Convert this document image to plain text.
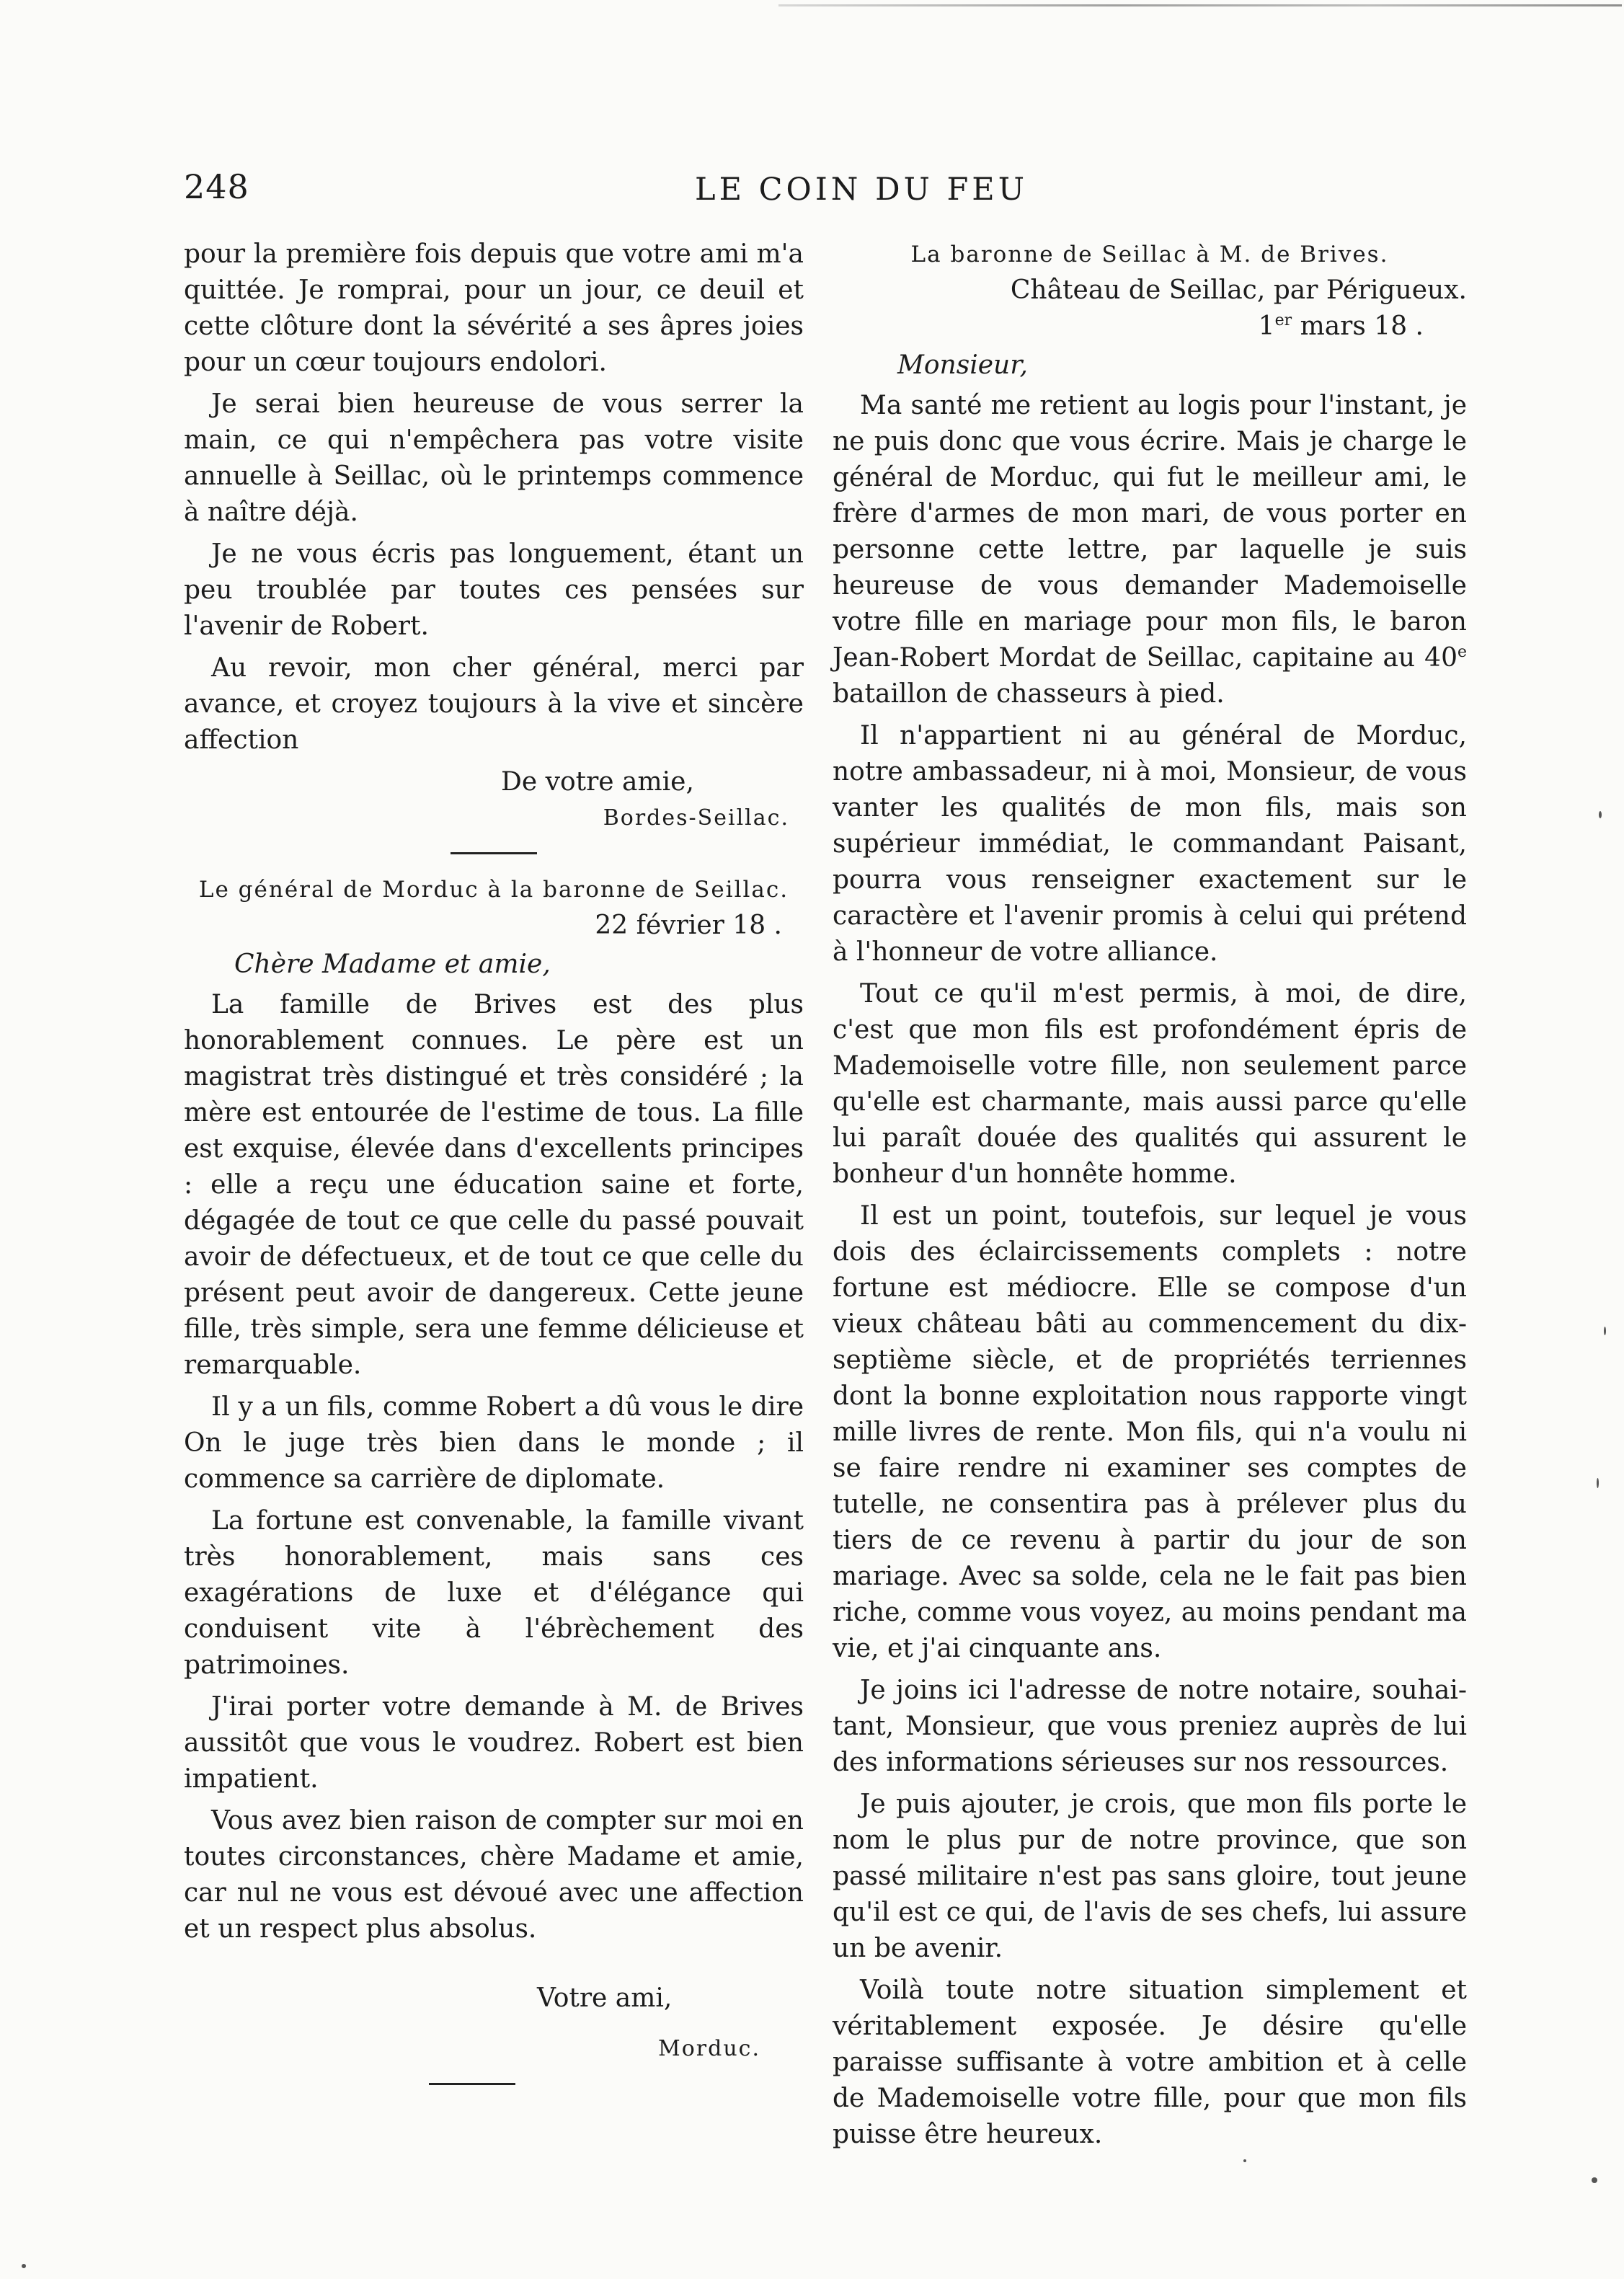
248	LE COIN DU FEU

pour la première fois depuis que votre ami m'a quittée. Je romprai, pour un jour, ce deuil et cette clôture dont la sévérité a ses âpres joies pour un cœur toujours endolori.

Je serai bien heureuse de vous serrer la main, ce qui n'empêchera pas votre visite annuelle à Seillac, où le printemps commence à naître déjà.

Je ne vous écris pas longuement, étant un peu troublée par toutes ces pensées sur l'avenir de Robert.

Au revoir, mon cher général, merci par avance, et croyez toujours à la vive et sincère affection

De votre amie,

Bordes-Seillac.

Le général de Morduc à la baronne de Seillac.

22 février 18 .

Chère Madame et amie,

La famille de Brives est des plus honorablement connues. Le père est un magistrat très distingué et très considéré ; la mère est entourée de l'estime de tous. La fille est exquise, élevée dans d'excellents principes : elle a reçu une éducation saine et forte, dégagée de tout ce que celle du passé pouvait avoir de défectueux, et de tout ce que celle du présent peut avoir de dangereux. Cette jeune fille, très simple, sera une femme délicieuse et remarquable.

Il y a un fils, comme Robert a dû vous le dire On le juge très bien dans le monde ; il commence sa carrière de diplomate.

La fortune est convenable, la famille vivant très honorablement, mais sans ces exagérations de luxe et d'élégance qui conduisent vite à l'ébrèchement des patrimoines.

J'irai porter votre demande à M. de Brives aussitôt que vous le voudrez. Robert est bien impatient.

Vous avez bien raison de compter sur moi en toutes circonstances, chère Madame et amie, car nul ne vous est dévoué avec une affection et un respect plus absolus.

Votre ami,

Morduc.

La baronne de Seillac à M. de Brives.

Château de Seillac, par Périgueux.

1er mars 18 .

Monsieur,

Ma santé me retient au logis pour l'instant, je ne puis donc que vous écrire. Mais je charge le général de Morduc, qui fut le meilleur ami, le frère d'armes de mon mari, de vous porter en personne cette lettre, par laquelle je suis heureuse de vous demander Mademoiselle votre fille en mariage pour mon fils, le baron Jean-Robert Mordat de Seillac, capitaine au 40e bataillon de chasseurs à pied.

Il n'appartient ni au général de Morduc, notre ambassadeur, ni à moi, Monsieur, de vous vanter les qualités de mon fils, mais son supérieur immédiat, le commandant Paisant, pourra vous renseigner exactement sur le caractère et l'avenir promis à celui qui prétend à l'honneur de votre alliance.

Tout ce qu'il m'est permis, à moi, de dire, c'est que mon fils est profondément épris de Mademoiselle votre fille, non seulement parce qu'elle est charmante, mais aussi parce qu'elle lui paraît douée des qualités qui assurent le bonheur d'un honnête homme.

Il est un point, toutefois, sur lequel je vous dois des éclaircissements complets : notre fortune est médiocre. Elle se compose d'un vieux château bâti au commencement du dix-septième siècle, et de propriétés terriennes dont la bonne exploitation nous rapporte vingt mille livres de rente. Mon fils, qui n'a voulu ni se faire rendre ni examiner ses comptes de tutelle, ne consentira pas à prélever plus du tiers de ce revenu à partir du jour de son mariage. Avec sa solde, cela ne le fait pas bien riche, comme vous voyez, au moins pendant ma vie, et j'ai cinquante ans.

Je joins ici l'adresse de notre notaire, souhaitant, Monsieur, que vous preniez auprès de lui des informations sérieuses sur nos ressources.

Je puis ajouter, je crois, que mon fils porte le nom le plus pur de notre province, que son passé militaire n'est pas sans gloire, tout jeune qu'il est ce qui, de l'avis de ses chefs, lui assure un be avenir.

Voilà toute notre situation simplement et véritablement exposée. Je désire qu'elle paraisse suffisante à votre ambition et à celle de Mademoiselle votre fille, pour que mon fils puisse être heureux.
